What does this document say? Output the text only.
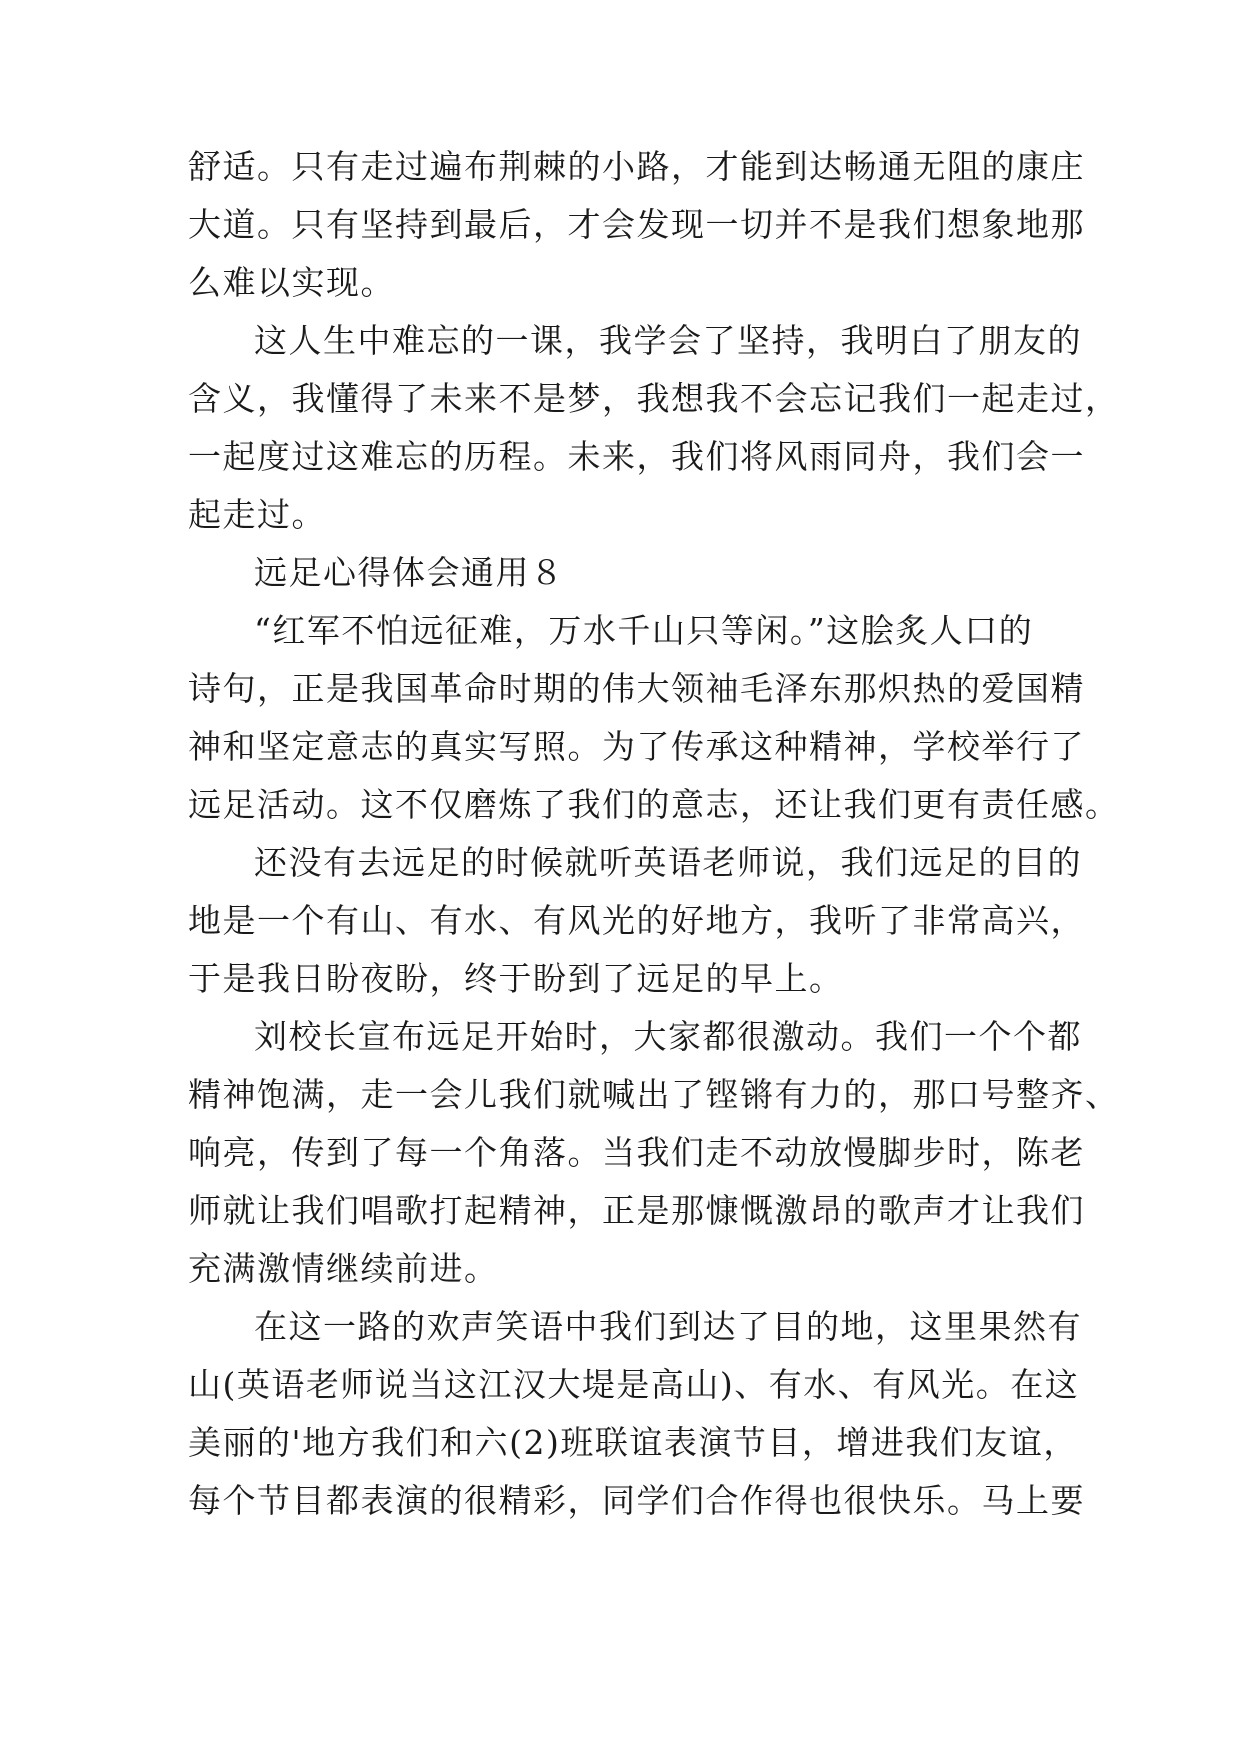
舒适。只有走过遍布荆棘的小路，才能到达畅通无阻的康庄
大道。只有坚持到最后，才会发现一切并不是我们想象地那
么难以实现。
这人生中难忘的一课，我学会了坚持，我明白了朋友的
含义，我懂得了未来不是梦，我想我不会忘记我们一起走过，
一起度过这难忘的历程。未来，我们将风雨同舟，我们会一
起走过。
远足心得体会通用８
“红军不怕远征难，万水千山只等闲。”这脍炙人口的
诗句，正是我国革命时期的伟大领袖毛泽东那炽热的爱国精
神和坚定意志的真实写照。为了传承这种精神，学校举行了
远足活动。这不仅磨炼了我们的意志，还让我们更有责任感。
还没有去远足的时候就听英语老师说，我们远足的目的
地是一个有山、有水、有风光的好地方，我听了非常高兴，
于是我日盼夜盼，终于盼到了远足的早上。
刘校长宣布远足开始时，大家都很激动。我们一个个都
精神饱满，走一会儿我们就喊出了铿锵有力的，那口号整齐、
响亮，传到了每一个角落。当我们走不动放慢脚步时，陈老
师就让我们唱歌打起精神，正是那慷慨激昂的歌声才让我们
充满激情继续前进。
在这一路的欢声笑语中我们到达了目的地，这里果然有
山(英语老师说当这江汉大堤是高山)、有水、有风光。在这
美丽的'地方我们和六(2)班联谊表演节目，增进我们友谊，
每个节目都表演的很精彩，同学们合作得也很快乐。马上要
